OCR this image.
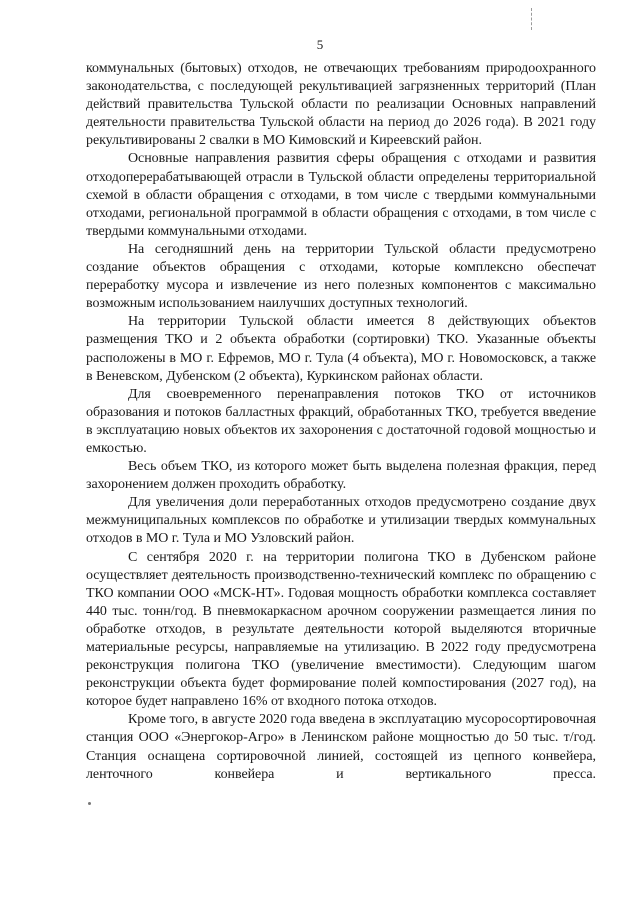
5

коммунальных (бытовых) отходов, не отвечающих требованиям природоохранного законодательства, с последующей рекультивацией загрязненных территорий (План действий правительства Тульской области по реализации Основных направлений деятельности правительства Тульской области на период до 2026 года). В 2021 году рекультивированы 2 свалки в МО Кимовский и Киреевский район.

Основные направления развития сферы обращения с отходами и развития отходоперерабатывающей отрасли в Тульской области определены территориальной схемой в области обращения с отходами, в том числе с твердыми коммунальными отходами, региональной программой в области обращения с отходами, в том числе с твердыми коммунальными отходами.

На сегодняшний день на территории Тульской области предусмотрено создание объектов обращения с отходами, которые комплексно обеспечат переработку мусора и извлечение из него полезных компонентов с максимально возможным использованием наилучших доступных технологий.

На территории Тульской области имеется 8 действующих объектов размещения ТКО и 2 объекта обработки (сортировки) ТКО. Указанные объекты расположены в МО г. Ефремов, МО г. Тула (4 объекта), МО г. Новомосковск, а также в Веневском, Дубенском (2 объекта), Куркинском районах области.

Для своевременного перенаправления потоков ТКО от источников образования и потоков балластных фракций, обработанных ТКО, требуется введение в эксплуатацию новых объектов их захоронения с достаточной годовой мощностью и емкостью.

Весь объем ТКО, из которого может быть выделена полезная фракция, перед захоронением должен проходить обработку.

Для увеличения доли переработанных отходов предусмотрено создание двух межмуниципальных комплексов по обработке и утилизации твердых коммунальных отходов в МО г. Тула и МО Узловский район.

С сентября 2020 г. на территории полигона ТКО в Дубенском районе осуществляет деятельность производственно-технический комплекс по обращению с ТКО компании ООО «МСК-НТ». Годовая мощность обработки комплекса составляет 440 тыс. тонн/год. В пневмокаркасном арочном сооружении размещается линия по обработке отходов, в результате деятельности которой выделяются вторичные материальные ресурсы, направляемые на утилизацию. В 2022 году предусмотрена реконструкция полигона ТКО (увеличение вместимости). Следующим шагом реконструкции объекта будет формирование полей компостирования (2027 год), на которое будет направлено 16% от входного потока отходов.

Кроме того, в августе 2020 года введена в эксплуатацию мусоросортировочная станция ООО «Энергокор-Агро» в Ленинском районе мощностью до 50 тыс. т/год. Станция оснащена сортировочной линией, состоящей из цепного конвейера, ленточного конвейера и вертикального пресса.
